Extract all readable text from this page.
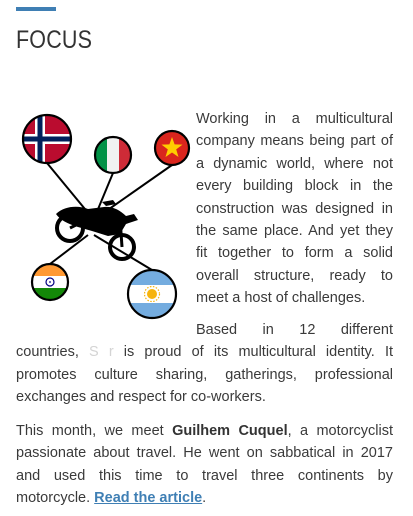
FOCUS

Working in a multicultural company means being part of a dynamic world, where not every building block in the construction was designed in the same place. And yet they fit together to form a solid overall structure, ready to meet a host of challenges.

Based in 12 different countries, S r is proud of its multicultural identity. It promotes culture sharing, gatherings, professional exchanges and respect for co-workers.

This month, we meet Guilhem Cuquel, a motorcyclist passionate about travel. He went on sabbatical in 2017 and used this time to travel three continents by motorcycle. Read the article.
